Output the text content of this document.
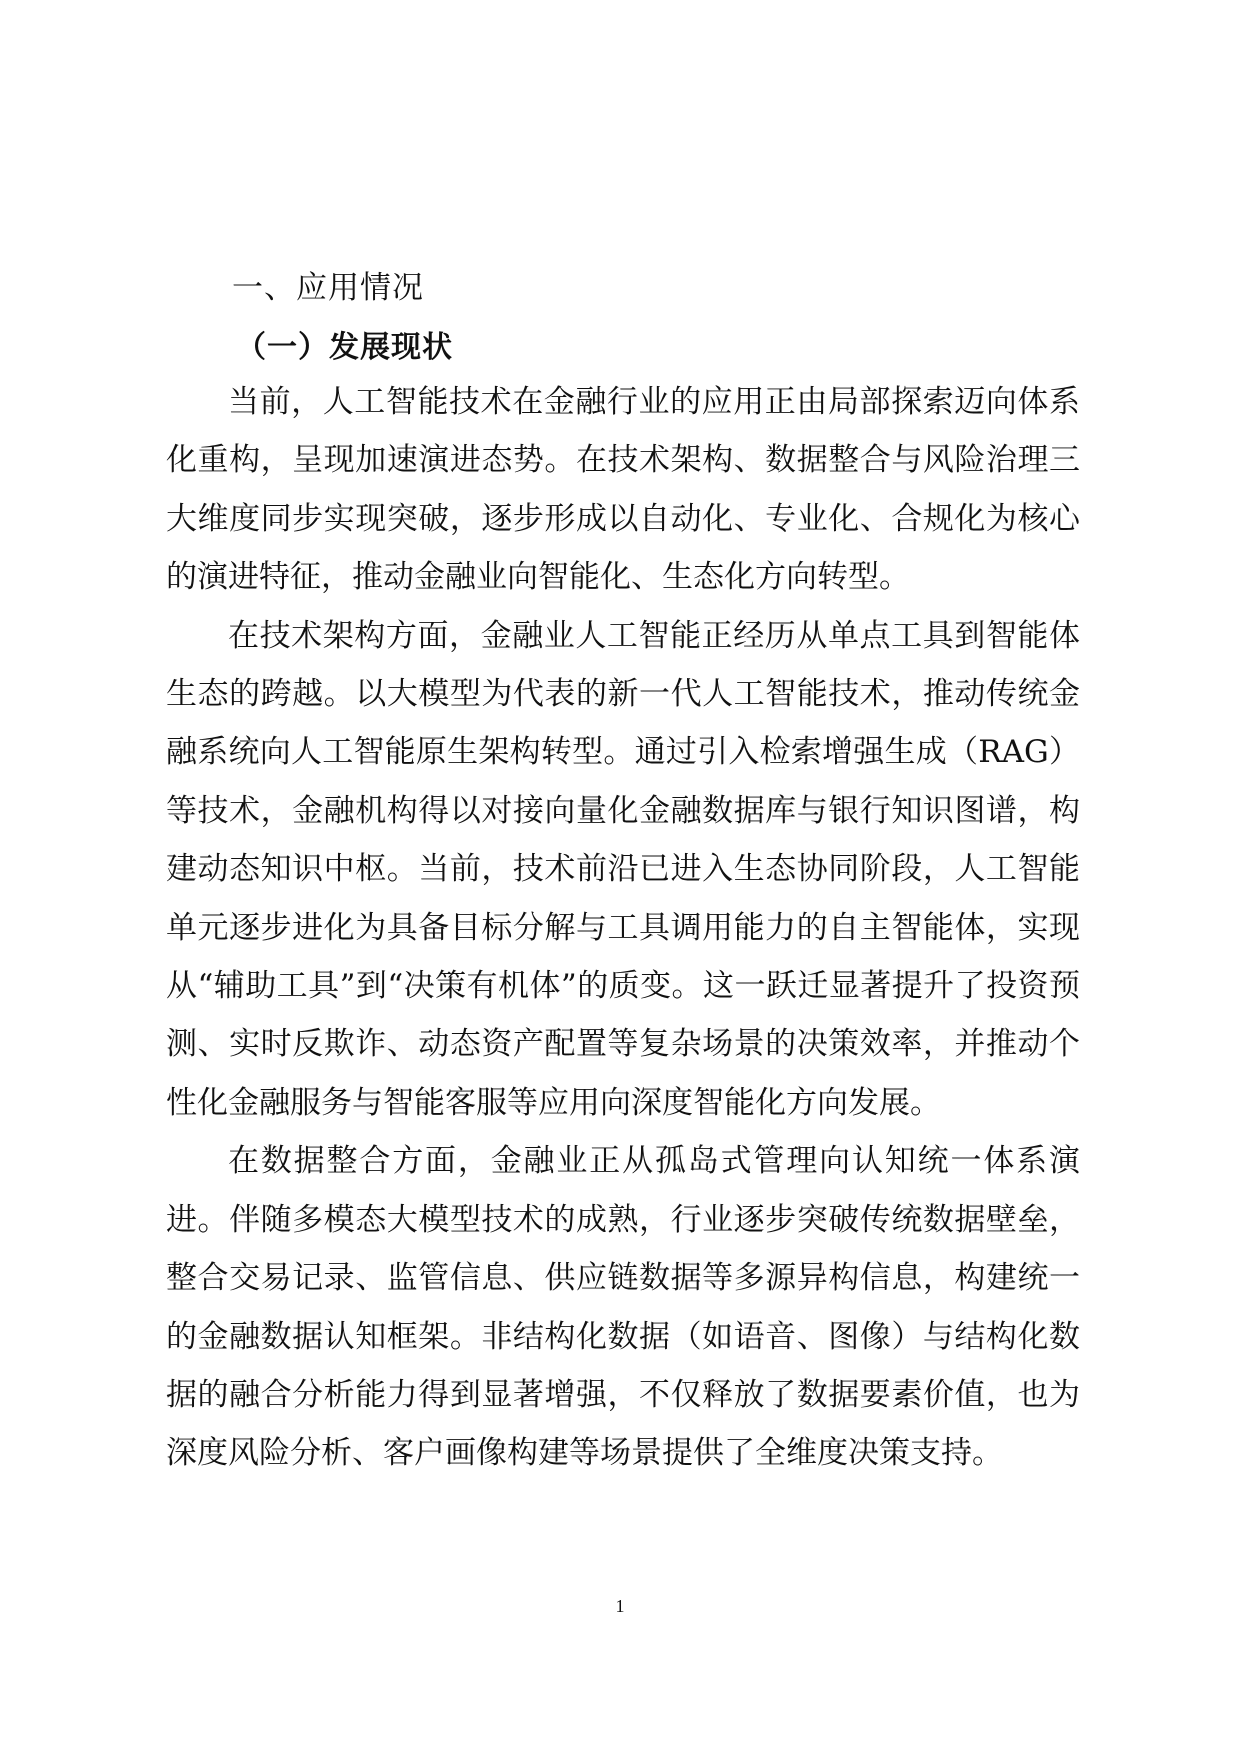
一、应用情况
（一）发展现状

当前，人工智能技术在金融行业的应用正由局部探索迈向体系化重构，呈现加速演进态势。在技术架构、数据整合与风险治理三大维度同步实现突破，逐步形成以自动化、专业化、合规化为核心的演进特征，推动金融业向智能化、生态化方向转型。

在技术架构方面，金融业人工智能正经历从单点工具到智能体生态的跨越。以大模型为代表的新一代人工智能技术，推动传统金融系统向人工智能原生架构转型。通过引入检索增强生成（RAG）等技术，金融机构得以对接向量化金融数据库与银行知识图谱，构建动态知识中枢。当前，技术前沿已进入生态协同阶段，人工智能单元逐步进化为具备目标分解与工具调用能力的自主智能体，实现从“辅助工具”到“决策有机体”的质变。这一跃迁显著提升了投资预测、实时反欺诈、动态资产配置等复杂场景的决策效率，并推动个性化金融服务与智能客服等应用向深度智能化方向发展。

在数据整合方面，金融业正从孤岛式管理向认知统一体系演进。伴随多模态大模型技术的成熟，行业逐步突破传统数据壁垒，整合交易记录、监管信息、供应链数据等多源异构信息，构建统一的金融数据认知框架。非结构化数据（如语音、图像）与结构化数据的融合分析能力得到显著增强，不仅释放了数据要素价值，也为深度风险分析、客户画像构建等场景提供了全维度决策支持。

1
